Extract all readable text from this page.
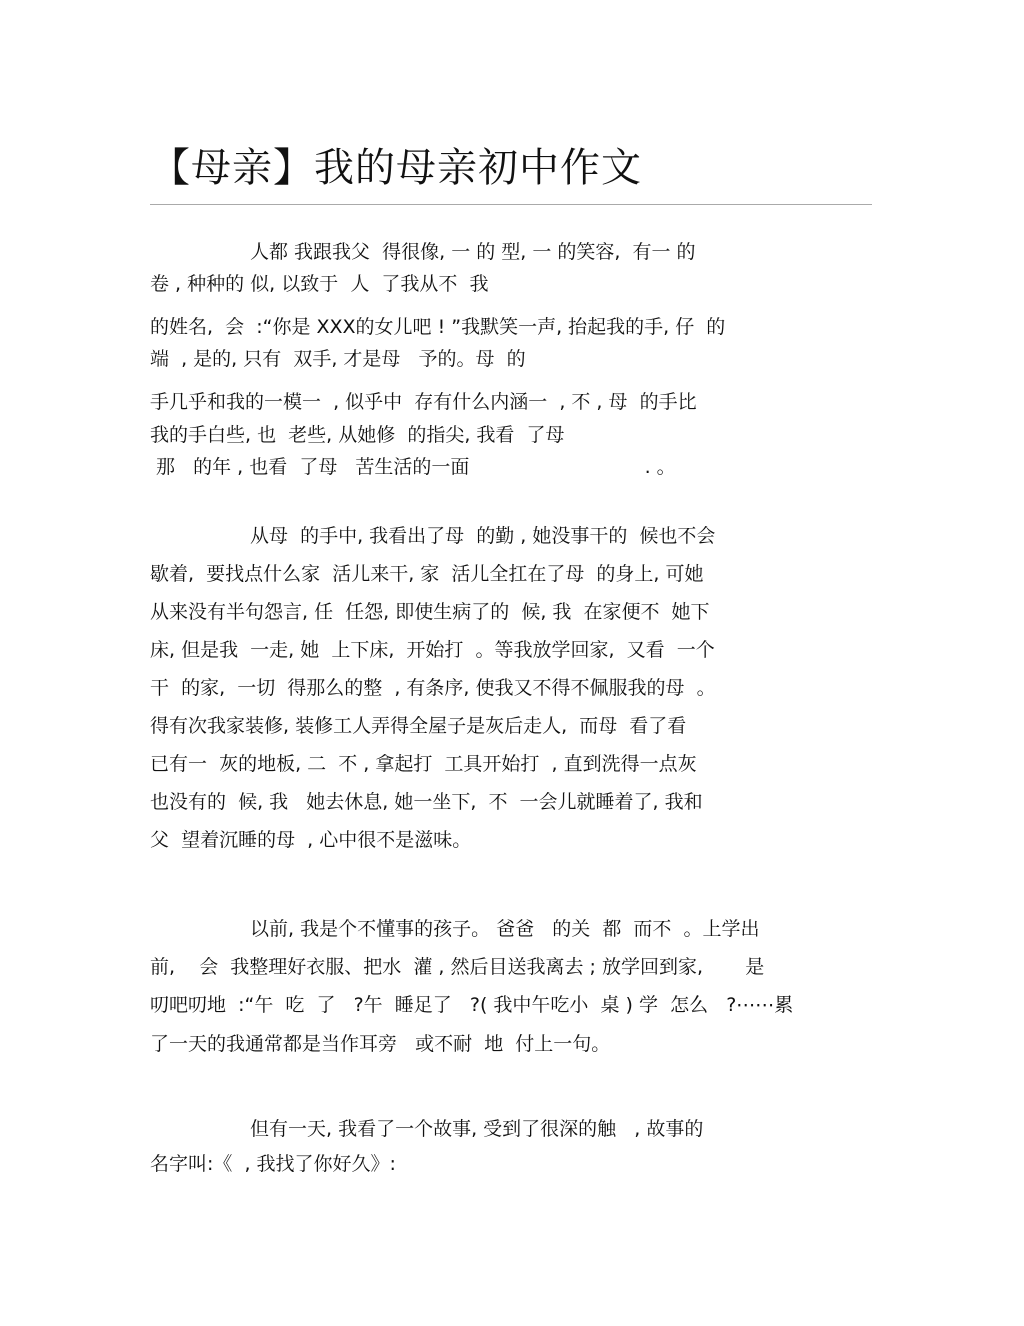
【母亲】我的母亲初中作文

人都 我跟我父  得很像, 一 的 型, 一 的笑容,  有一 的

卷 , 种种的 似, 以致于  人  了我从不  我

的姓名,  会  :“你是 XXX的女儿吧 ! ”我默笑一声, 抬起我的手, 仔  的

端  , 是的, 只有  双手, 才是母   予的。母  的

手几乎和我的一模一  , 似乎中  存有什么内涵一  , 不 , 母  的手比

我的手白些, 也  老些, 从她修  的指尖, 我看  了母

那   的年 , 也看  了母   苦生活的一面                             . 。

从母  的手中, 我看出了母  的勤 , 她没事干的  候也不会

歇着,  要找点什么家  活儿来干, 家  活儿全扛在了母  的身上, 可她

从来没有半句怨言, 任  任怨, 即使生病了的  候, 我  在家便不  她下

床, 但是我  一走, 她  上下床,  开始打  。等我放学回家,  又看  一个

干  的家,  一切  得那么的整  , 有条序, 使我又不得不佩服我的母  。

得有次我家装修, 装修工人弄得全屋子是灰后走人,  而母  看了看

已有一  灰的地板, 二  不 , 拿起打  工具开始打  , 直到洗得一点灰

也没有的  候, 我   她去休息, 她一坐下,  不  一会儿就睡着了, 我和

父  望着沉睡的母  , 心中很不是滋味。

以前, 我是个不懂事的孩子。 爸爸   的关  都  而不  。上学出

前,    会  我整理好衣服、把水  灌 , 然后目送我离去 ; 放学回到家,       是

叨吧叨地  :“午  吃  了   ?午  睡足了   ?( 我中午吃小  桌 ) 学  怎么   ?⋯⋯累

了一天的我通常都是当作耳旁   或不耐  地  付上一句。

但有一天, 我看了一个故事, 受到了很深的触   , 故事的

名字叫:《  , 我找了你好久》:
